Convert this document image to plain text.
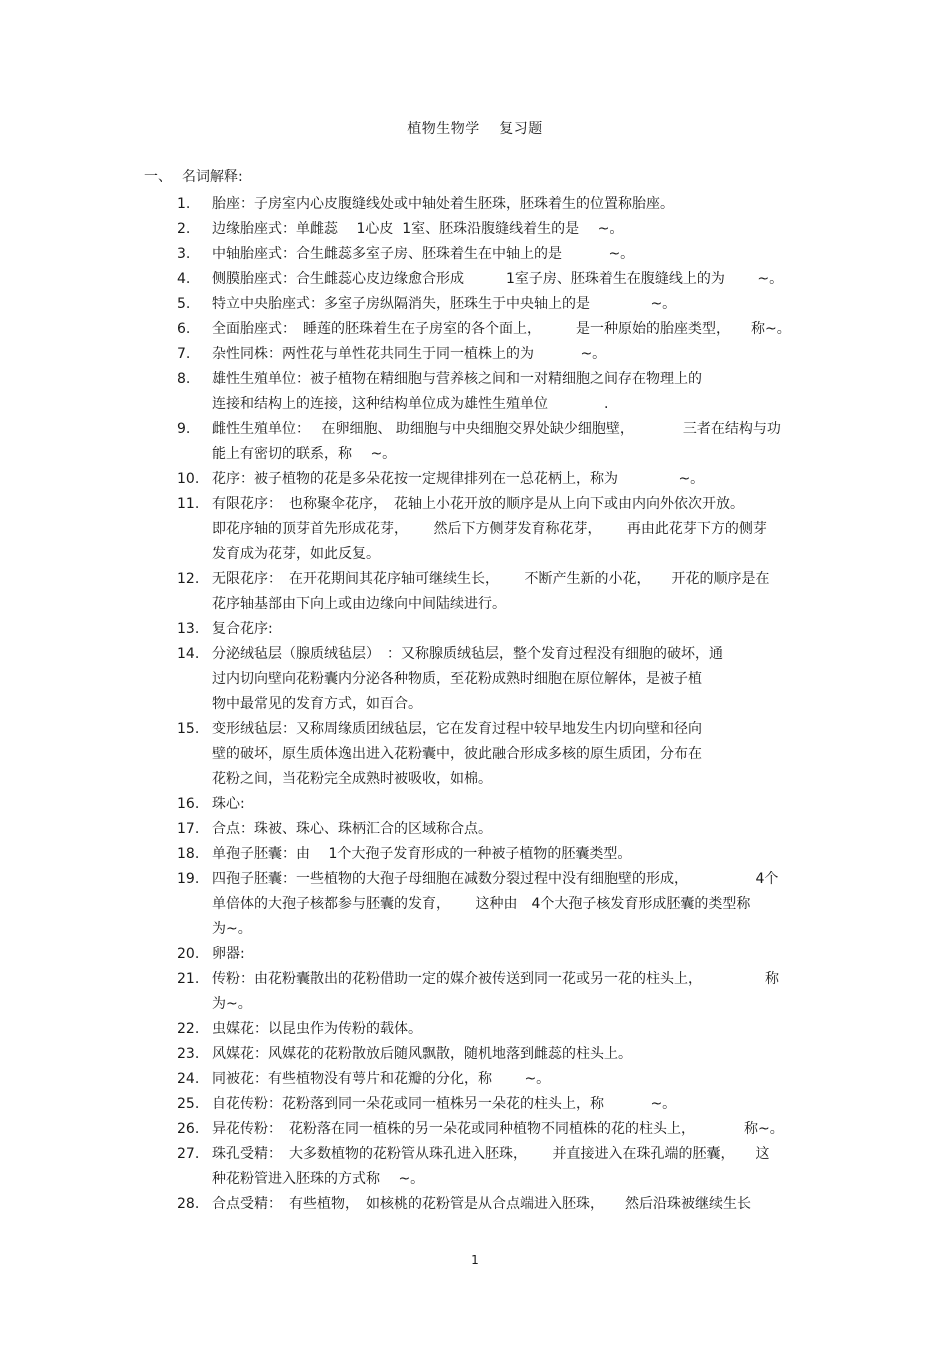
植物生物学　 复习题
一、 名词解释:
1. 胎座：子房室内心皮腹缝线处或中轴处着生胚珠，胚珠着生的位置称胎座。
2. 边缘胎座式：单雌蕊　 1心皮  1室、胚珠沿腹缝线着生的是　 ~。
3. 中轴胎座式：合生雌蕊多室子房、胚珠着生在中轴上的是　　　 ~。
4. 侧膜胎座式：合生雌蕊心皮边缘愈合形成　　　1室子房、胚珠着生在腹缝线上的为　　 ~。
5. 特立中央胎座式：多室子房纵隔消失，胚珠生于中央轴上的是　　　　 ~。
6. 全面胎座式：　睡莲的胚珠着生在子房室的各个面上，　　　是一种原始的胎座类型，　　称~。
7. 杂性同株：两性花与单性花共同生于同一植株上的为　　　 ~。
8. 雄性生殖单位：被子植物在精细胞与营养核之间和一对精细胞之间存在物理上的
连接和结构上的连接，这种结构单位成为雄性生殖单位　　　　.
9. 雌性生殖单位：　 在卵细胞、 助细胞与中央细胞交界处缺少细胞壁，　　　　三者在结构与功
能上有密切的联系，称　 ~。
10. 花序：被子植物的花是多朵花按一定规律排列在一总花柄上，称为　　　　 ~。
11. 有限花序：　也称聚伞花序，　花轴上小花开放的顺序是从上向下或由内向外依次开放。
即花序轴的顶芽首先形成花芽，　　 然后下方侧芽发育称花芽，　　 再由此花芽下方的侧芽
发育成为花芽，如此反复。
12. 无限花序：　在开花期间其花序轴可继续生长，　　 不断产生新的小花，　　开花的顺序是在
花序轴基部由下向上或由边缘向中间陆续进行。
13. 复合花序:
14. 分泌绒毡层（腺质绒毡层）　：又称腺质绒毡层，整个发育过程没有细胞的破坏，通
过内切向壁向花粉囊内分泌各种物质，至花粉成熟时细胞在原位解体，是被子植
物中最常见的发育方式，如百合。
15. 变形绒毡层：又称周缘质团绒毡层，它在发育过程中较早地发生内切向壁和径向
壁的破坏，原生质体逸出进入花粉囊中，彼此融合形成多核的原生质团，分布在
花粉之间，当花粉完全成熟时被吸收，如棉。
16. 珠心:
17. 合点：珠被、珠心、珠柄汇合的区域称合点。
18. 单孢子胚囊：由　 1个大孢子发育形成的一种被子植物的胚囊类型。
19. 四孢子胚囊：一些植物的大孢子母细胞在减数分裂过程中没有细胞壁的形成，　　　　　 4个
单倍体的大孢子核都参与胚囊的发育，　　 这种由　4个大孢子核发育形成胚囊的类型称
为~。
20. 卵器:
21. 传粉：由花粉囊散出的花粉借助一定的媒介被传送到同一花或另一花的柱头上，　　　　　称
为~。
22. 虫媒花：以昆虫作为传粉的载体。
23. 风媒花：风媒花的花粉散放后随风飘散，随机地落到雌蕊的柱头上。
24. 同被花：有些植物没有萼片和花瓣的分化，称　　 ~。
25. 自花传粉：花粉落到同一朵花或同一植株另一朵花的柱头上，称　　　 ~。
26. 异花传粉：　花粉落在同一植株的另一朵花或同种植物不同植株的花的柱头上，　　　　称~。
27. 珠孔受精：　大多数植物的花粉管从珠孔进入胚珠，　　 并直接进入在珠孔端的胚囊，　　这
种花粉管进入胚珠的方式称　 ~。
28. 合点受精：　有些植物，　如核桃的花粉管是从合点端进入胚珠，　　然后沿珠被继续生长
1
